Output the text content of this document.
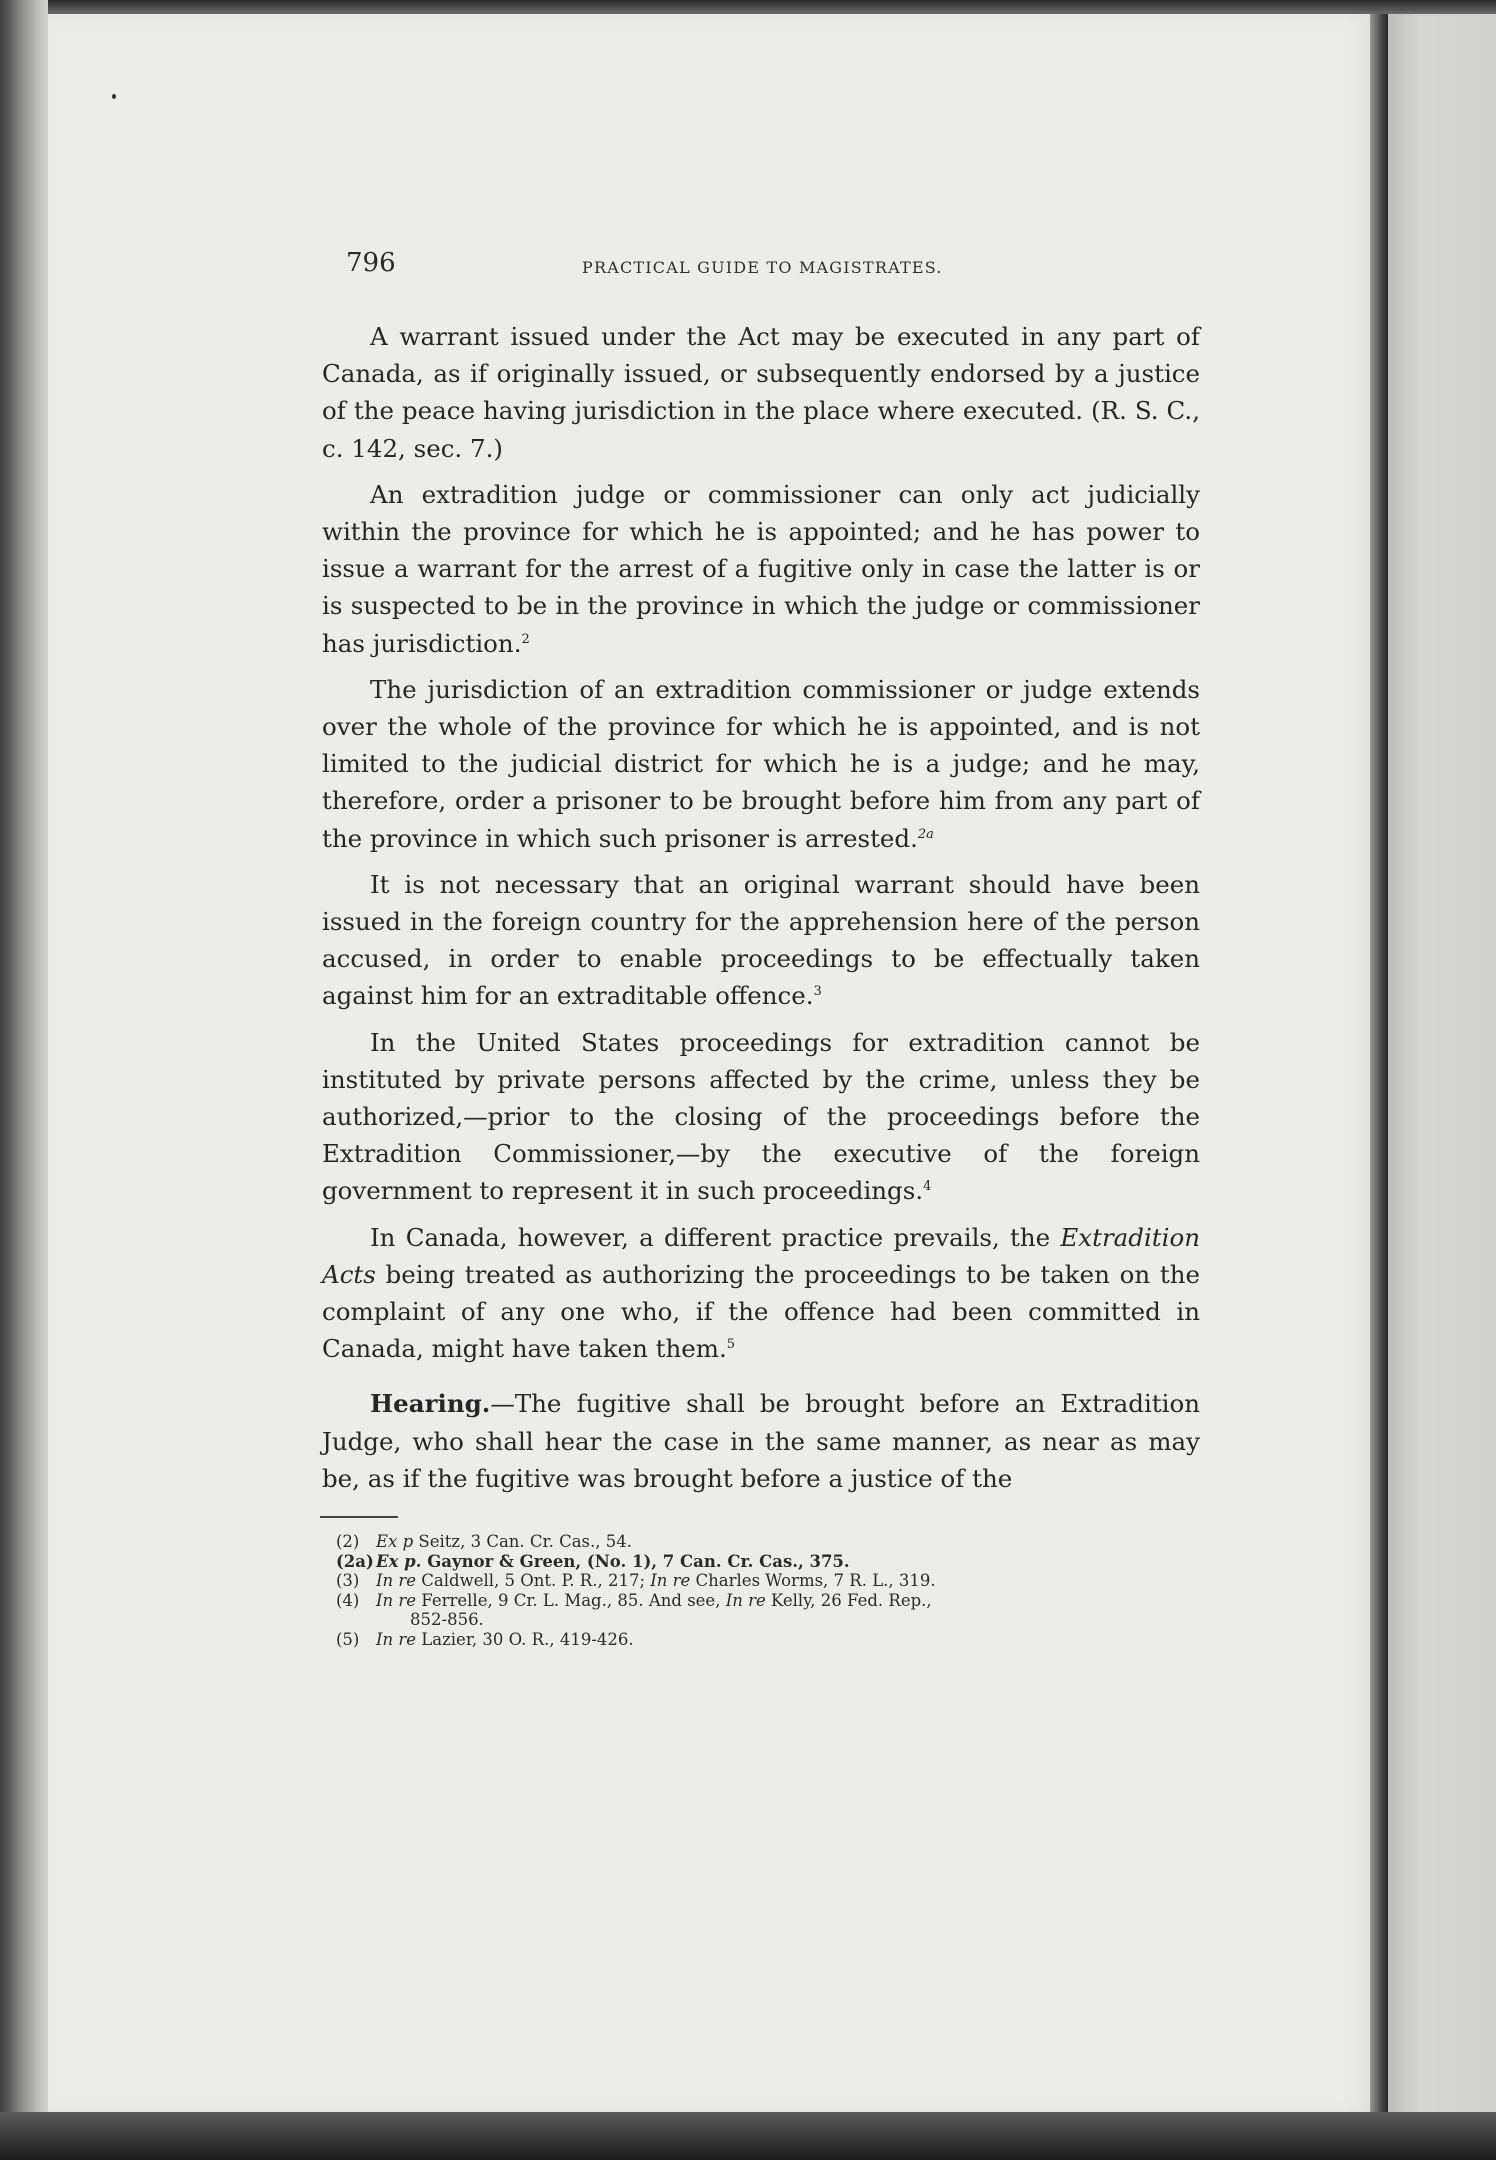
796	PRACTICAL GUIDE TO MAGISTRATES.

A warrant issued under the Act may be executed in any part of Canada, as if originally issued, or subsequently endorsed by a justice of the peace having jurisdiction in the place where executed. (R. S. C., c. 142, sec. 7.)

An extradition judge or commissioner can only act judicially within the province for which he is appointed; and he has power to issue a warrant for the arrest of a fugitive only in case the latter is or is suspected to be in the province in which the judge or commissioner has jurisdiction.$^2$

The jurisdiction of an extradition commissioner or judge extends over the whole of the province for which he is appointed, and is not limited to the judicial district for which he is a judge; and he may, therefore, order a prisoner to be brought before him from any part of the province in which such prisoner is arrested.$^{2a}$

It is not necessary that an original warrant should have been issued in the foreign country for the apprehension here of the person accused, in order to enable proceedings to be effectually taken against him for an extraditable offence.$^3$

In the United States proceedings for extradition cannot be instituted by private persons affected by the crime, unless they be authorized,—prior to the closing of the proceedings before the Extradition Commissioner,—by the executive of the foreign government to represent it in such proceedings.$^4$

In Canada, however, a different practice prevails, the Extradition Acts being treated as authorizing the proceedings to be taken on the complaint of any one who, if the offence had been committed in Canada, might have taken them.$^5$

Hearing.—The fugitive shall be brought before an Extradition Judge, who shall hear the case in the same manner, as near as may be, as if the fugitive was brought before a justice of the

(2) Ex p Seitz, 3 Can. Cr. Cas., 54.

(2a) Ex p. Gaynor & Green, (No. 1), 7 Can. Cr. Cas., 375.

(3) In re Caldwell, 5 Ont. P. R., 217; In re Charles Worms, 7 R. L., 319.

(4) In re Ferrelle, 9 Cr. L. Mag., 85. And see, In re Kelly, 26 Fed. Rep.,

852-856.

(5) In re Lazier, 30 O. R., 419-426.
